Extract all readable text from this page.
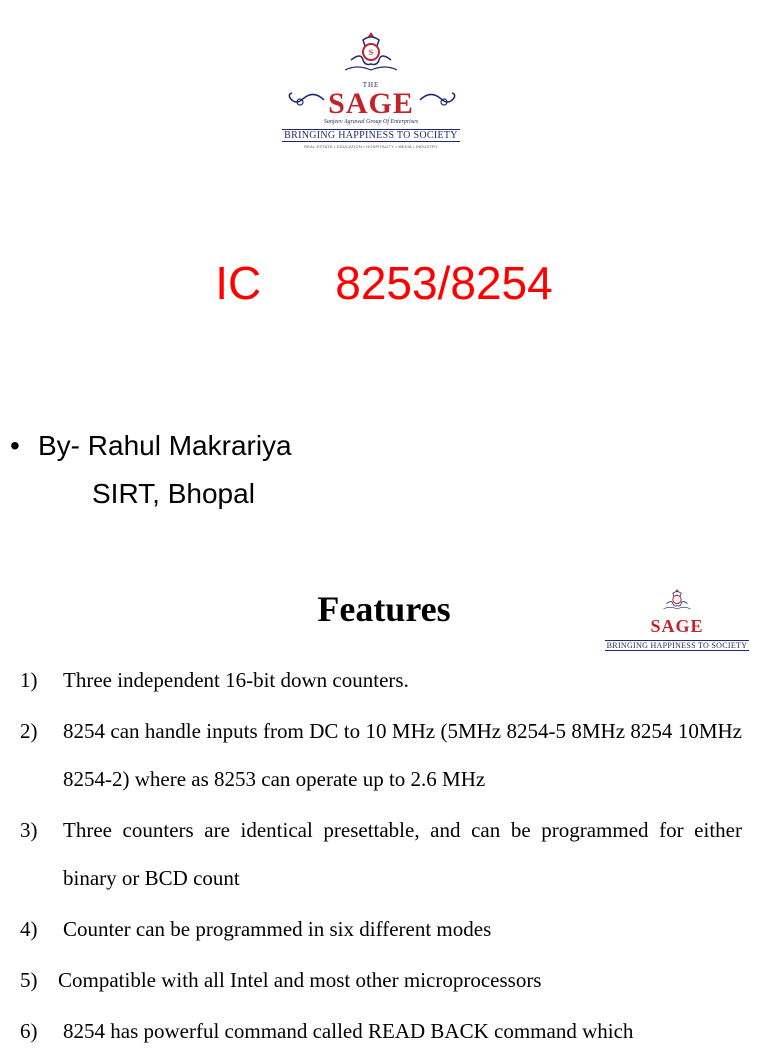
S
THE
SAGE
Sanjeev Agrawal Group Of Enterprises
BRINGING HAPPINESS TO SOCIETY
REAL ESTATE • EDUCATION • HOSPITALITY • MEDIA • INDUSTRY
IC 8253/8254
• By- Rahul Makrariya
SIRT, Bhopal
SAGE
BRINGING HAPPINESS TO SOCIETY
Features
1)	Three independent 16-bit down counters.
2)	8254 can handle inputs from DC to 10 MHz (5MHz 8254-5 8MHz 8254 10MHz 8254-2) where as 8253 can operate up to 2.6 MHz
3)	Three counters are identical presettable, and can be programmed for either binary or BCD count
4)	Counter can be programmed in six different modes
5) Compatible with all Intel and most other microprocessors
6)	8254 has powerful command called READ BACK command which
